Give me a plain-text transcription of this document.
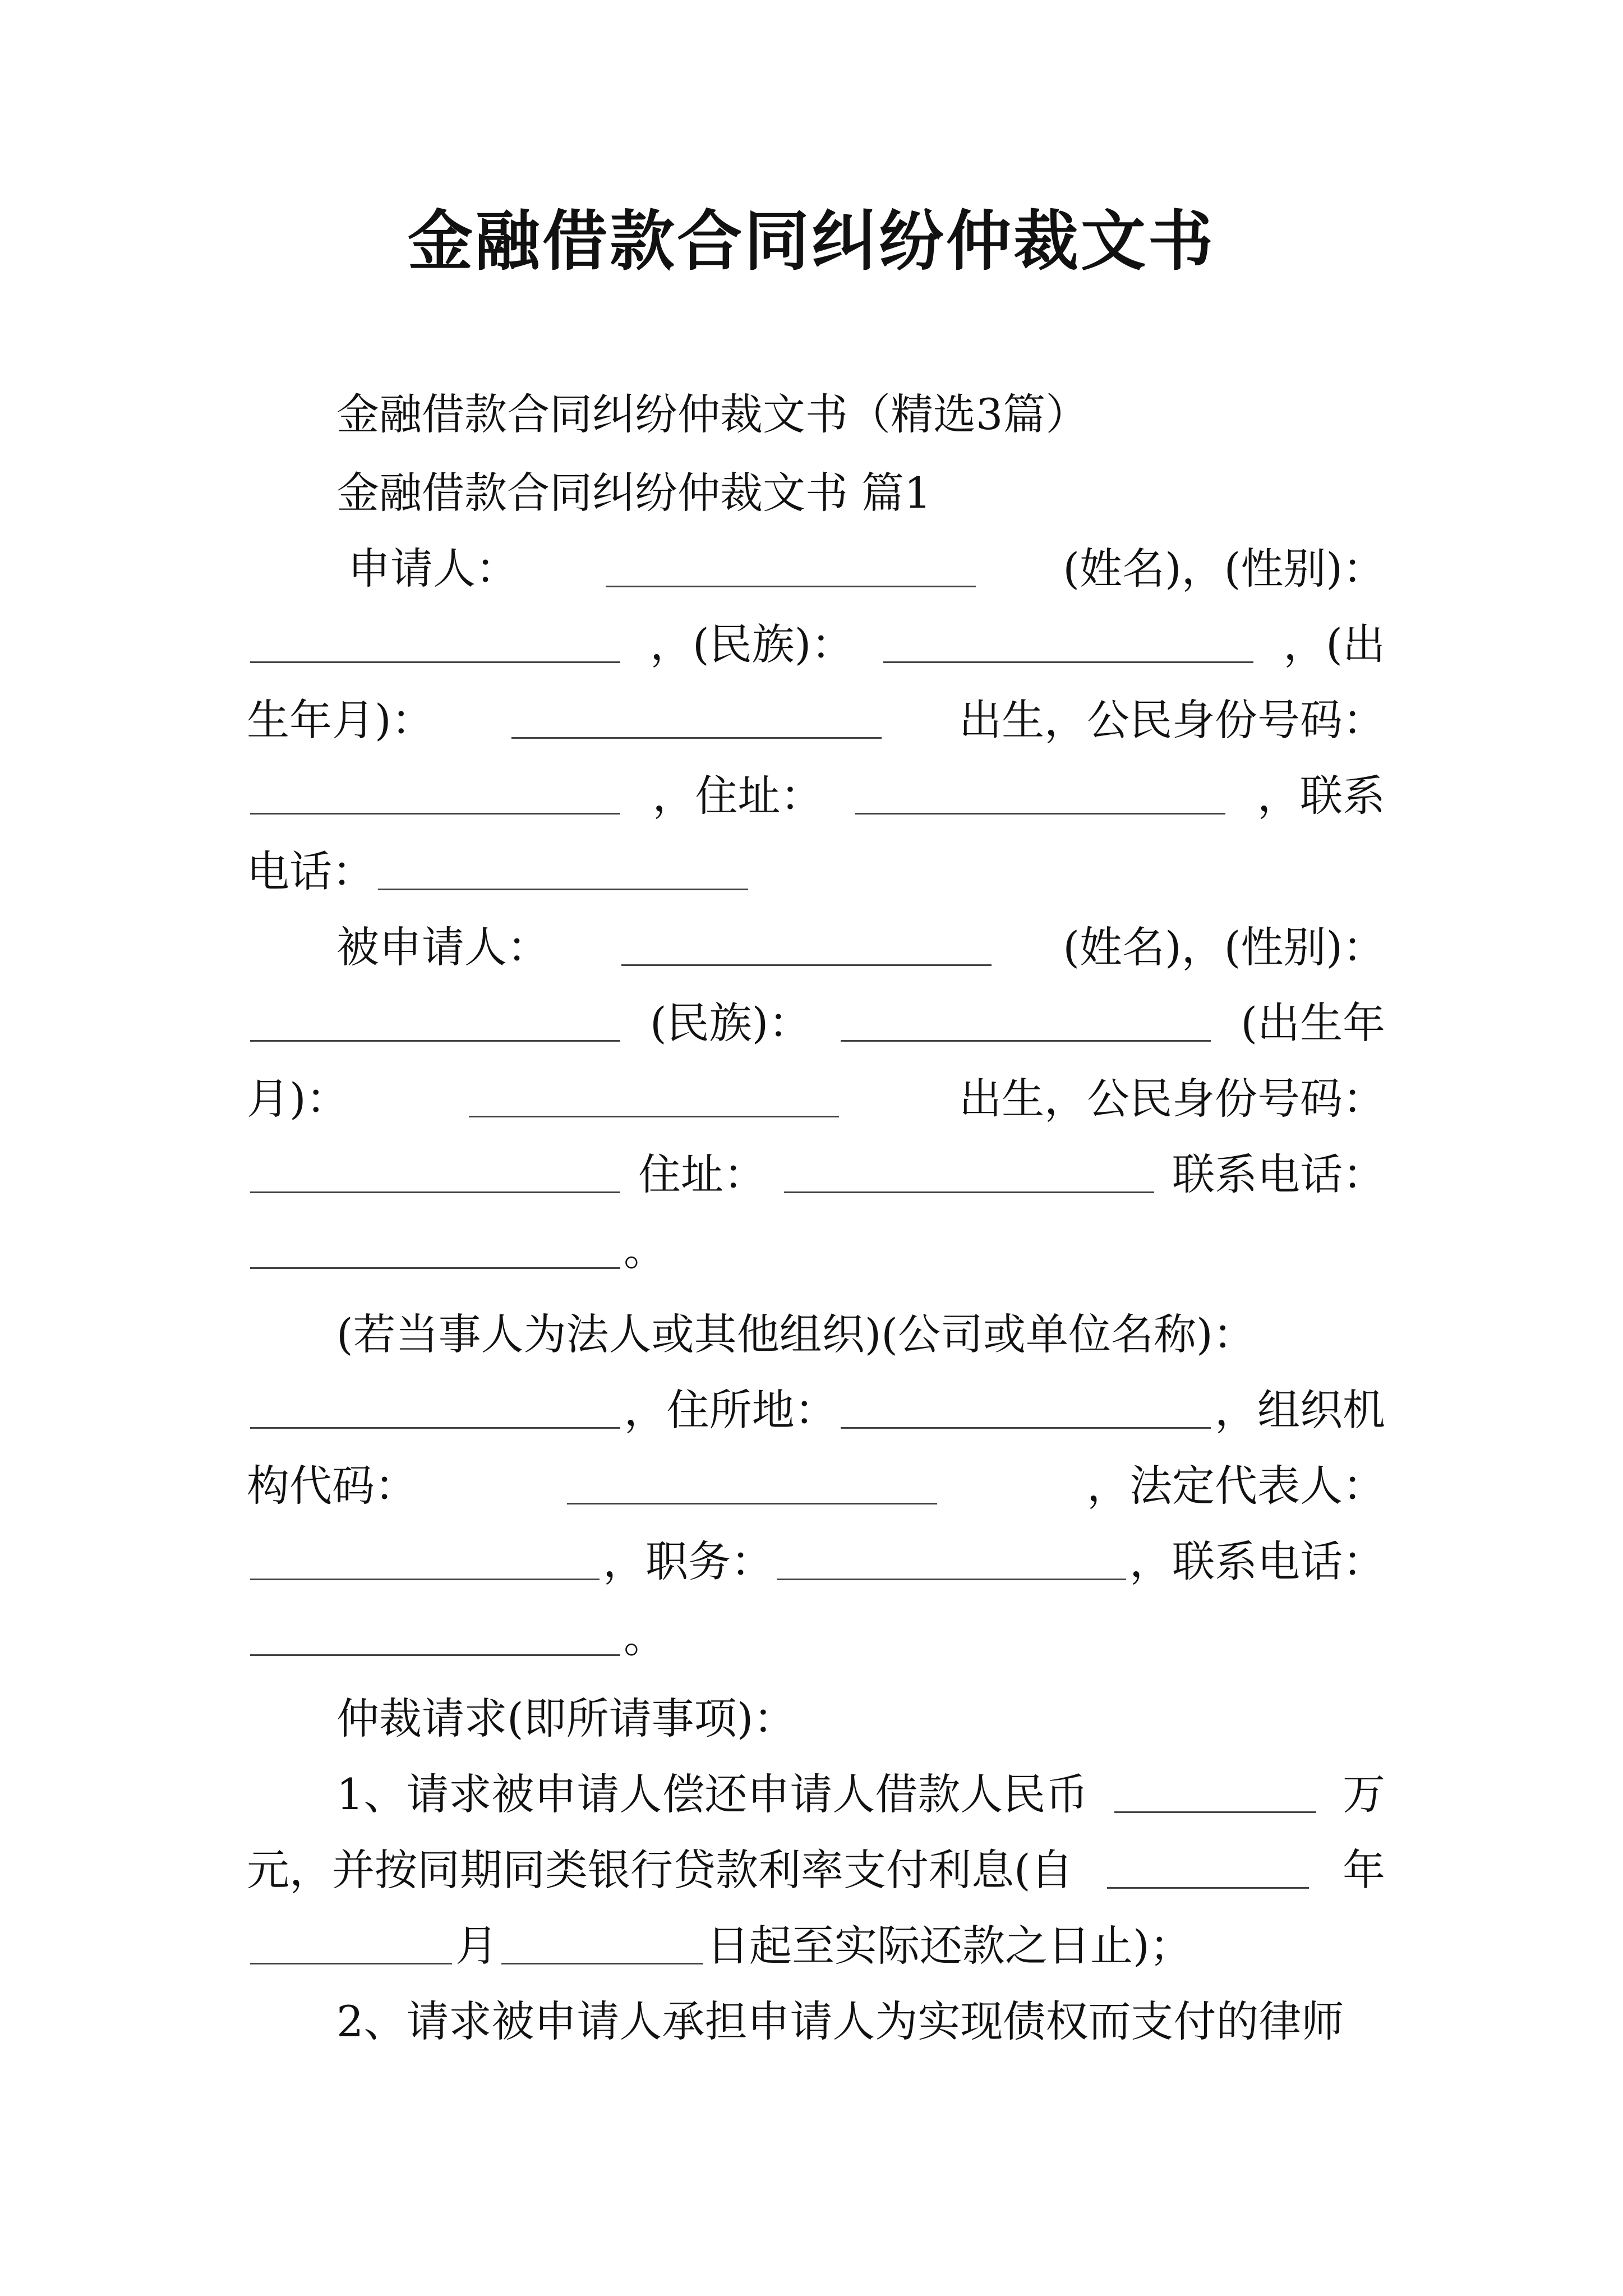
金融借款合同纠纷仲裁文书
金融借款合同纠纷仲裁文书（精选3篇）
金融借款合同纠纷仲裁文书 篇1
申请人：	(姓名)，(性别)：
，(民族)：	，(出
生年月)：	出生，公民身份号码：
，住址：	，联系
电话：
被申请人：	(姓名)，(性别)：
(民族)：	(出生年
月)：	出生，公民身份号码：
住址：	联系电话：
。
(若当事人为法人或其他组织)(公司或单位名称)：
，住所地：	，组织机
构代码：	，法定代表人：
，职务：	，联系电话：
。
仲裁请求(即所请事项)：
1、请求被申请人偿还申请人借款人民币	万
元，并按同期同类银行贷款利率支付利息(自	年
月	日起至实际还款之日止)；
2、请求被申请人承担申请人为实现债权而支付的律师
